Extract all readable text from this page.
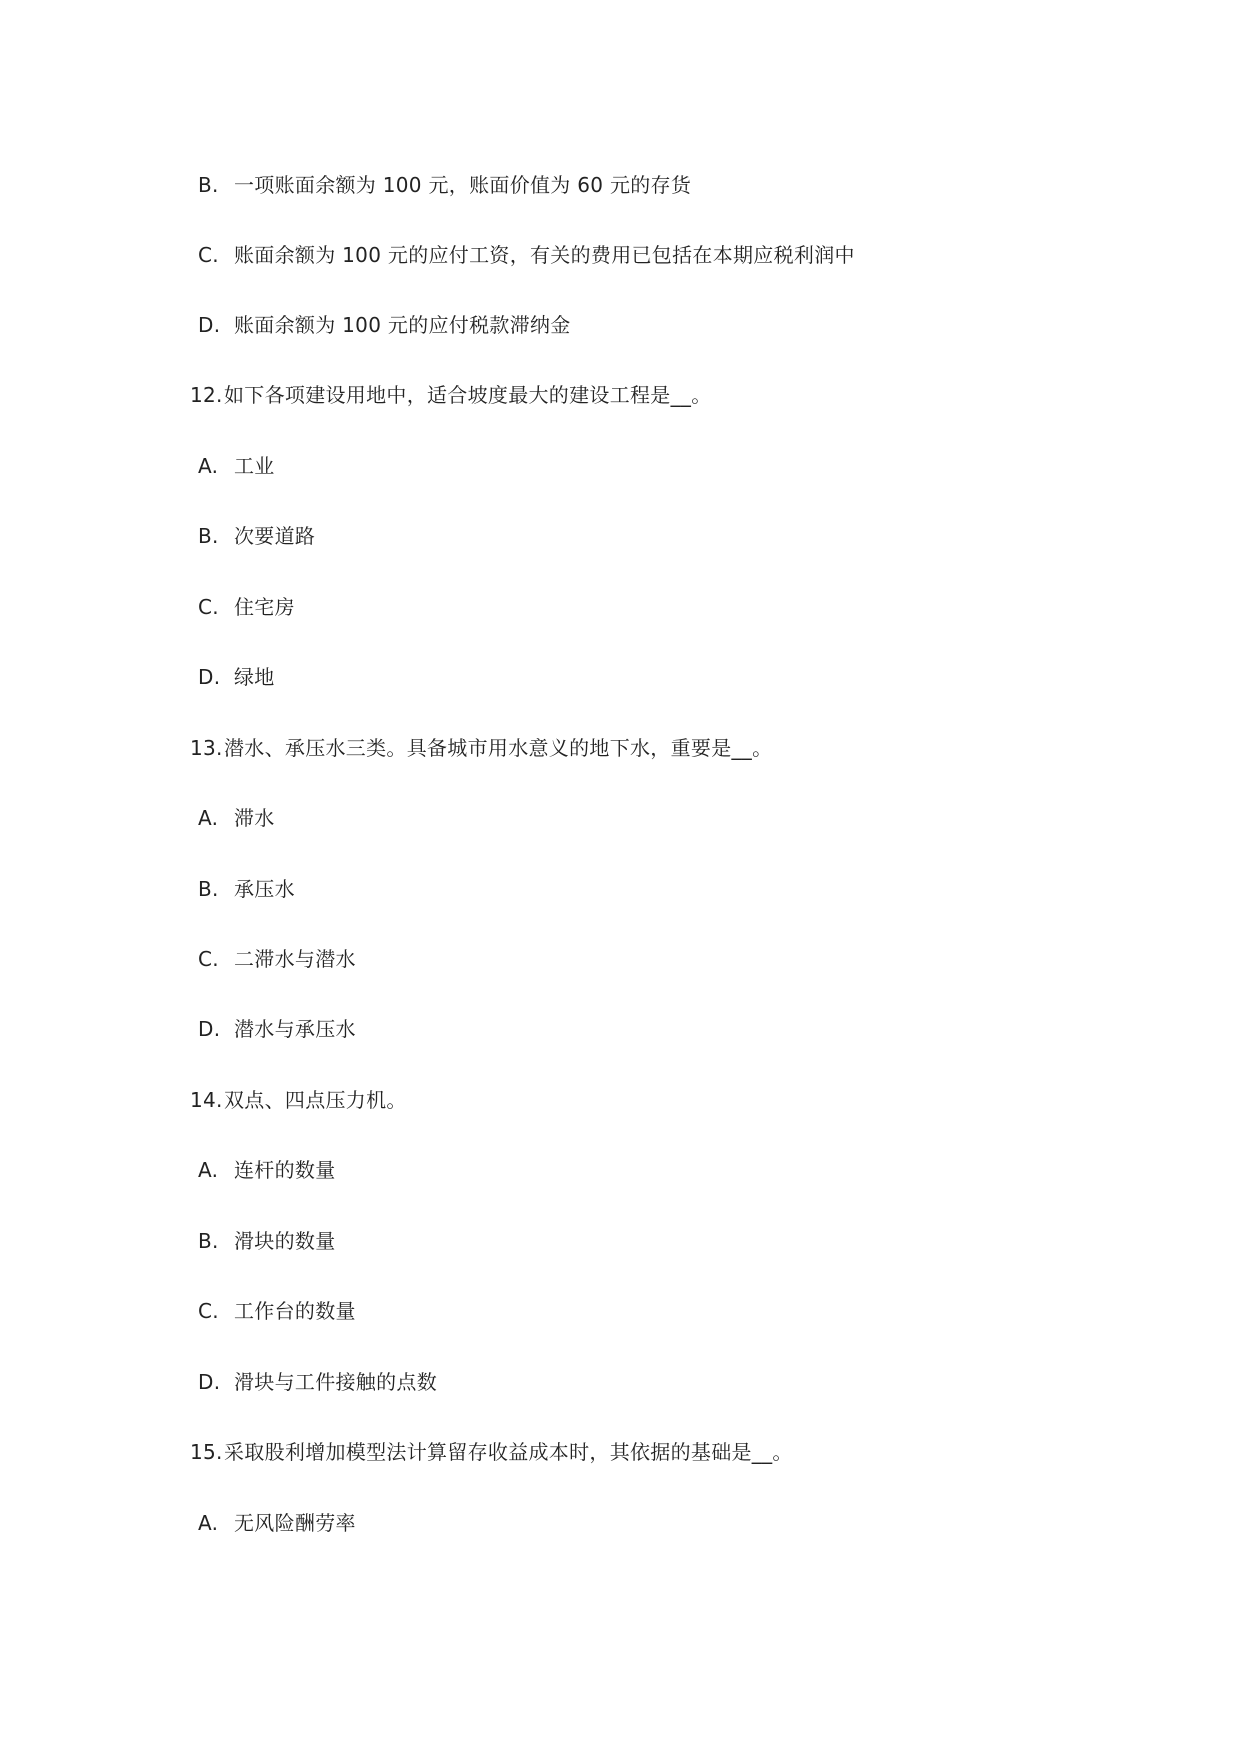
B. 一项账面余额为 100 元，账面价值为 60 元的存货
C. 账面余额为 100 元的应付工资，有关的费用已包括在本期应税利润中
D. 账面余额为 100 元的应付税款滞纳金
12.如下各项建设用地中，适合坡度最大的建设工程是__。
A. 工业
B. 次要道路
C. 住宅房
D. 绿地
13.潜水、承压水三类。具备城市用水意义的地下水，重要是__。
A. 滞水
B. 承压水
C. 二滞水与潜水
D. 潜水与承压水
14.双点、四点压力机。
A. 连杆的数量
B. 滑块的数量
C. 工作台的数量
D. 滑块与工件接触的点数
15.采取股利增加模型法计算留存收益成本时，其依据的基础是__。
A. 无风险酬劳率
